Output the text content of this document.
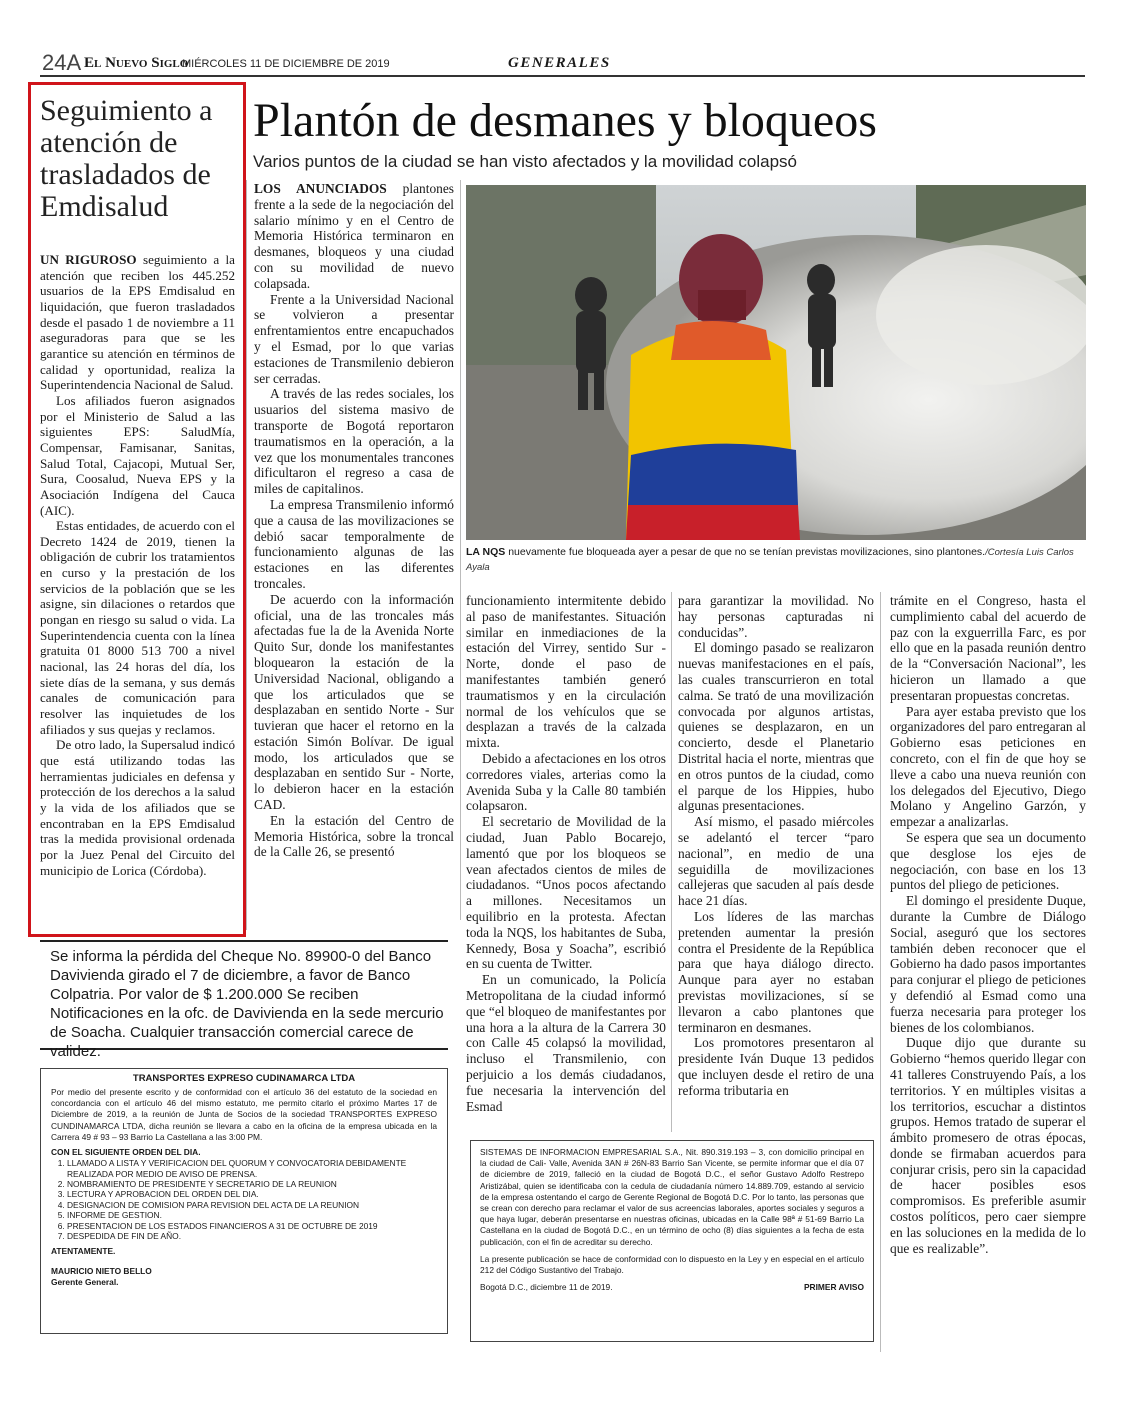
24A El Nuevo Siglo
MIÉRCOLES 11 DE DICIEMBRE DE 2019	GENERALES
Seguimiento a atención de trasladados de Emdisalud

UN RIGUROSO seguimiento a la atención que reciben los 445.252 usuarios de la EPS Emdisalud en liquidación, que fueron trasladados desde el pasado 1 de noviembre a 11 aseguradoras para que se les garantice su atención en términos de calidad y oportunidad, realiza la Superintendencia Nacional de Salud.

Los afiliados fueron asignados por el Ministerio de Salud a las siguientes EPS: SaludMía, Compensar, Famisanar, Sanitas, Salud Total, Cajacopi, Mutual Ser, Sura, Coosalud, Nueva EPS y la Asociación Indígena del Cauca (AIC).

Estas entidades, de acuerdo con el Decreto 1424 de 2019, tienen la obligación de cubrir los tratamientos en curso y la prestación de los servicios de la población que se les asigne, sin dilaciones o retardos que pongan en riesgo su salud o vida. La Superintendencia cuenta con la línea gratuita 01 8000 513 700 a nivel nacional, las 24 horas del día, los siete días de la semana, y sus demás canales de comunicación para resolver las inquietudes de los afiliados y sus quejas y reclamos.

De otro lado, la Supersalud indicó que está utilizando todas las herramientas judiciales en defensa y protección de los derechos a la salud y la vida de los afiliados que se encontraban en la EPS Emdisalud tras la medida provisional ordenada por la Juez Penal del Circuito del municipio de Lorica (Córdoba).

Plantón de desmanes y bloqueos
Varios puntos de la ciudad se han visto afectados y la movilidad colapsó

LOS ANUNCIADOS plantones frente a la sede de la negociación del salario mínimo y en el Centro de Memoria Histórica terminaron en desmanes, bloqueos y una ciudad con su movilidad de nuevo colapsada.

Frente a la Universidad Nacional se volvieron a presentar enfrentamientos entre encapuchados y el Esmad, por lo que varias estaciones de Transmilenio debieron ser cerradas.

A través de las redes sociales, los usuarios del sistema masivo de transporte de Bogotá reportaron traumatismos en la operación, a la vez que los monumentales trancones dificultaron el regreso a casa de miles de capitalinos.

La empresa Transmilenio informó que a causa de las movilizaciones se debió sacar temporalmente de funcionamiento algunas de las estaciones en las diferentes troncales.

De acuerdo con la información oficial, una de las troncales más afectadas fue la de la Avenida Norte Quito Sur, donde los manifestantes bloquearon la estación de la Universidad Nacional, obligando a que los articulados que se desplazaban en sentido Norte - Sur tuvieran que hacer el retorno en la estación Simón Bolívar. De igual modo, los articulados que se desplazaban en sentido Sur - Norte, lo debieron hacer en la estación CAD.

En la estación del Centro de Memoria Histórica, sobre la troncal de la Calle 26, se presentó

LA NQS nuevamente fue bloqueada ayer a pesar de que no se tenían previstas movilizaciones, sino plantones./Cortesía Luis Carlos Ayala

funcionamiento intermitente debido al paso de manifestantes. Situación similar en inmediaciones de la estación del Virrey, sentido Sur - Norte, donde el paso de manifestantes también generó traumatismos y en la circulación normal de los vehículos que se desplazan a través de la calzada mixta.

Debido a afectaciones en los otros corredores viales, arterias como la Avenida Suba y la Calle 80 también colapsaron.

El secretario de Movilidad de la ciudad, Juan Pablo Bocarejo, lamentó que por los bloqueos se vean afectados cientos de miles de ciudadanos. “Unos pocos afectando a millones. Necesitamos un equilibrio en la protesta. Afectan toda la NQS, los habitantes de Suba, Kennedy, Bosa y Soacha”, escribió en su cuenta de Twitter.

En un comunicado, la Policía Metropolitana de la ciudad informó que “el bloqueo de manifestantes por una hora a la altura de la Carrera 30 con Calle 45 colapsó la movilidad, incluso el Transmilenio, con perjuicio a los demás ciudadanos, fue necesaria la intervención del Esmad

para garantizar la movilidad. No hay personas capturadas ni conducidas”.

El domingo pasado se realizaron nuevas manifestaciones en el país, las cuales transcurrieron en total calma. Se trató de una movilización convocada por algunos artistas, quienes se desplazaron, en un concierto, desde el Planetario Distrital hacia el norte, mientras que en otros puntos de la ciudad, como el parque de los Hippies, hubo algunas presentaciones.

Así mismo, el pasado miércoles se adelantó el tercer “paro nacional”, en medio de una seguidilla de movilizaciones callejeras que sacuden al país desde hace 21 días.

Los líderes de las marchas pretenden aumentar la presión contra el Presidente de la República para que haya diálogo directo. Aunque para ayer no estaban previstas movilizaciones, sí se llevaron a cabo plantones que terminaron en desmanes.

Los promotores presentaron al presidente Iván Duque 13 pedidos que incluyen desde el retiro de una reforma tributaria en

trámite en el Congreso, hasta el cumplimiento cabal del acuerdo de paz con la exguerrilla Farc, es por ello que en la pasada reunión dentro de la “Conversación Nacional”, les hicieron un llamado a que presentaran propuestas concretas.

Para ayer estaba previsto que los organizadores del paro entregaran al Gobierno esas peticiones en concreto, con el fin de que hoy se lleve a cabo una nueva reunión con los delegados del Ejecutivo, Diego Molano y Angelino Garzón, y empezar a analizarlas.

Se espera que sea un documento que desglose los ejes de negociación, con base en los 13 puntos del pliego de peticiones.

El domingo el presidente Duque, durante la Cumbre de Diálogo Social, aseguró que los sectores también deben reconocer que el Gobierno ha dado pasos importantes para conjurar el pliego de peticiones y defendió al Esmad como una fuerza necesaria para proteger los bienes de los colombianos.

Duque dijo que durante su Gobierno “hemos querido llegar con 41 talleres Construyendo País, a los territorios. Y en múltiples visitas a los territorios, escuchar a distintos grupos. Hemos tratado de superar el ámbito promesero de otras épocas, donde se firmaban acuerdos para conjurar crisis, pero sin la capacidad de hacer posibles esos compromisos. Es preferible asumir costos políticos, pero caer siempre en las soluciones en la medida de lo que es realizable”.

Se informa la pérdida del Cheque No. 89900-0 del Banco Davivienda girado el 7 de diciembre, a favor de Banco Colpatria. Por valor de $ 1.200.000 Se reciben Notificaciones en la ofc. de Davivienda en la sede mercurio de Soacha. Cualquier transacción comercial carece de validez.
TRANSPORTES EXPRESO CUDINAMARCA LTDA
Por medio del presente escrito y de conformidad con el artículo 36 del estatuto de la sociedad en concordancia con el artículo 46 del mismo estatuto, me permito citarlo el próximo Martes 17 de Diciembre de 2019, a la reunión de Junta de Socios de la sociedad TRANSPORTES EXPRESO CUNDINAMARCA LTDA, dicha reunión se llevara a cabo en la oficina de la empresa ubicada en la Carrera 49 # 93 – 93 Barrio La Castellana a las 3:00 PM.
CON EL SIGUIENTE ORDEN DEL DIA.
1. LLAMADO A LISTA Y VERIFICACION DEL QUORUM Y CONVOCATORIA DEBIDAMENTE REALIZADA POR MEDIO DE AVISO DE PRENSA.
2. NOMBRAMIENTO DE PRESIDENTE Y SECRETARIO DE LA REUNION
3. LECTURA Y APROBACION DEL ORDEN DEL DIA.
4. DESIGNACION DE COMISION PARA REVISION DEL ACTA DE LA REUNION
5. INFORME DE GESTION.
6. PRESENTACION DE LOS ESTADOS FINANCIEROS A 31 DE OCTUBRE DE 2019
7. DESPEDIDA DE FIN DE AÑO.
ATENTAMENTE.
MAURICIO NIETO BELLO
Gerente General.
SISTEMAS DE INFORMACION EMPRESARIAL S.A., Nit. 890.319.193 – 3, con domicilio principal en la ciudad de Cali- Valle, Avenida 3AN # 26N-83 Barrio San Vicente, se permite informar que el día 07 de diciembre de 2019, falleció en la ciudad de Bogotá D.C., el señor Gustavo Adolfo Restrepo Aristizábal, quien se identificaba con la cedula de ciudadanía número 14.889.709, estando al servicio de la empresa ostentando el cargo de Gerente Regional de Bogotá D.C. Por lo tanto, las personas que se crean con derecho para reclamar el valor de sus acreencias laborales, aportes sociales y seguros a que haya lugar, deberán presentarse en nuestras oficinas, ubicadas en la Calle 98ª # 51-69 Barrio La Castellana en la ciudad de Bogotá D.C., en un término de ocho (8) días siguientes a la fecha de esta publicación, con el fin de acreditar su derecho.
La presente publicación se hace de conformidad con lo dispuesto en la Ley y en especial en el artículo 212 del Código Sustantivo del Trabajo.
Bogotá D.C., diciembre 11 de 2019.	PRIMER AVISO
